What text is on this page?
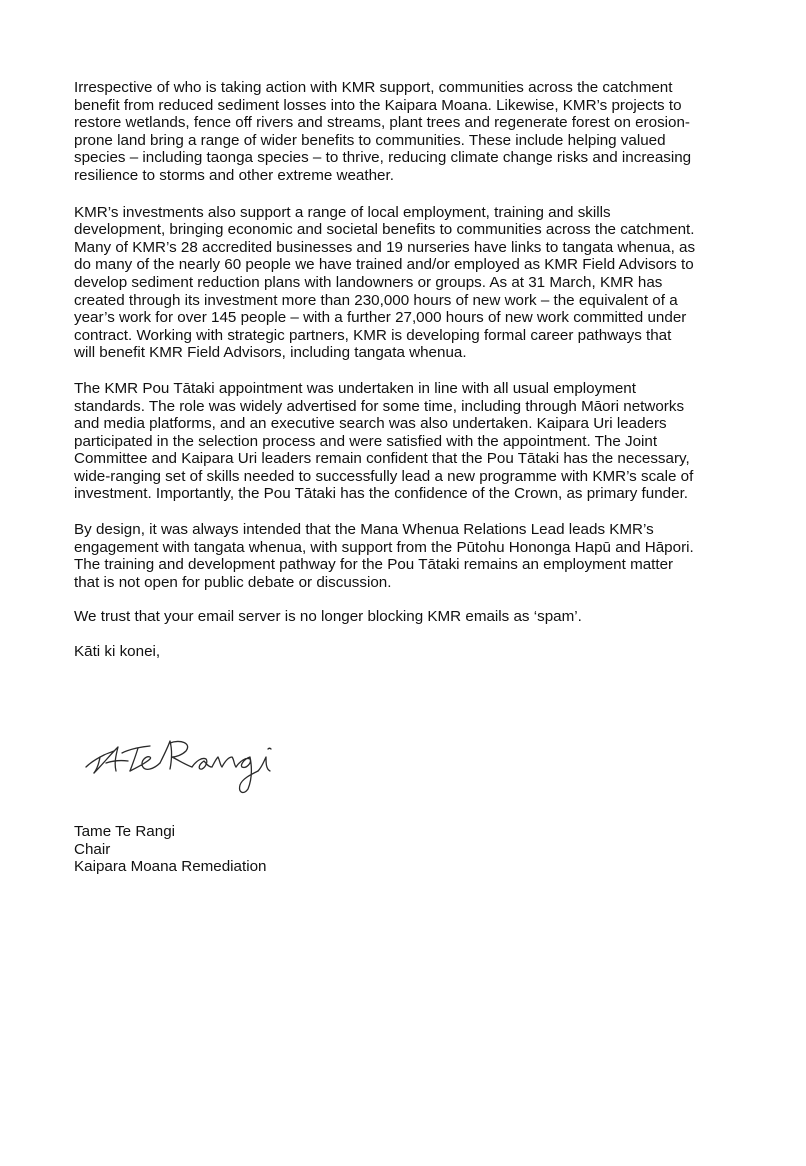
Irrespective of who is taking action with KMR support, communities across the catchment
benefit from reduced sediment losses into the Kaipara Moana. Likewise, KMR’s projects to
restore wetlands, fence off rivers and streams, plant trees and regenerate forest on erosion-
prone land bring a range of wider benefits to communities. These include helping valued
species – including taonga species – to thrive, reducing climate change risks and increasing
resilience to storms and other extreme weather.

KMR’s investments also support a range of local employment, training and skills
development, bringing economic and societal benefits to communities across the catchment.
Many of KMR’s 28 accredited businesses and 19 nurseries have links to tangata whenua, as
do many of the nearly 60 people we have trained and/or employed as KMR Field Advisors to
develop sediment reduction plans with landowners or groups. As at 31 March, KMR has
created through its investment more than 230,000 hours of new work – the equivalent of a
year’s work for over 145 people – with a further 27,000 hours of new work committed under
contract. Working with strategic partners, KMR is developing formal career pathways that
will benefit KMR Field Advisors, including tangata whenua.

The KMR Pou Tātaki appointment was undertaken in line with all usual employment
standards. The role was widely advertised for some time, including through Māori networks
and media platforms, and an executive search was also undertaken. Kaipara Uri leaders
participated in the selection process and were satisfied with the appointment. The Joint
Committee and Kaipara Uri leaders remain confident that the Pou Tātaki has the necessary,
wide-ranging set of skills needed to successfully lead a new programme with KMR’s scale of
investment. Importantly, the Pou Tātaki has the confidence of the Crown, as primary funder.

By design, it was always intended that the Mana Whenua Relations Lead leads KMR’s
engagement with tangata whenua, with support from the Pūtohu Hononga Hapū and Hāpori.
The training and development pathway for the Pou Tātaki remains an employment matter
that is not open for public debate or discussion.

We trust that your email server is no longer blocking KMR emails as ‘spam’.

Kāti ki konei,

Tame Te Rangi
Chair
Kaipara Moana Remediation
